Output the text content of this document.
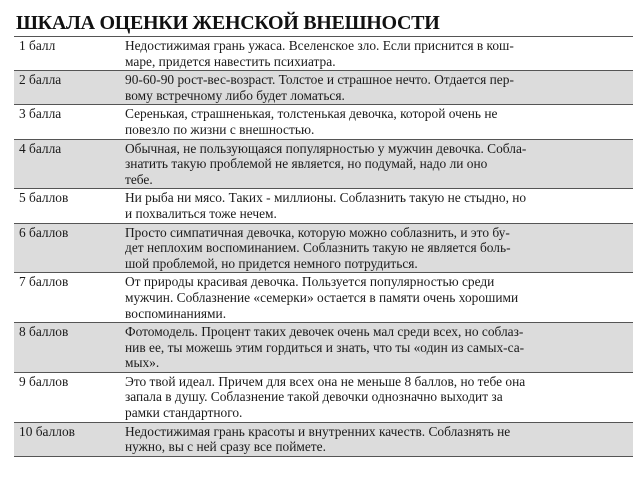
ШКАЛА ОЦЕНКИ ЖЕНСКОЙ ВНЕШНОСТИ
1 балл	Недостижимая грань ужаса. Вселенское зло. Если приснится в кош-
маре, придется навестить психиатра.

2 балла	90-60-90 рост-вес-возраст. Толстое и страшное нечто. Отдается пер-
вому встречному либо будет ломаться.

3 балла	Серенькая, страшненькая, толстенькая девочка, которой очень не
повезло по жизни с внешностью.

4 балла	Обычная, не пользующаяся популярностью у мужчин девочка. Собла-
знатить такую проблемой не является, но подумай, надо ли оно
тебе.

5 баллов	Ни рыба ни мясо. Таких - миллионы. Соблазнить такую не стыдно, но
и похвалиться тоже нечем.

6 баллов	Просто симпатичная девочка, которую можно соблазнить, и это бу-
дет неплохим воспоминанием. Соблазнить такую не является боль-
шой проблемой, но придется немного потрудиться.

7 баллов	От природы красивая девочка. Пользуется популярностью среди
мужчин. Соблазнение «семерки» остается в памяти очень хорошими
воспоминаниями.

8 баллов	Фотомодель. Процент таких девочек очень мал среди всех, но соблаз-
нив ее, ты можешь этим гордиться и знать, что ты «один из самых-са-
мых».

9 баллов	Это твой идеал. Причем для всех она не меньше 8 баллов, но тебе она
запала в душу. Соблазнение такой девочки однозначно выходит за
рамки стандартного.

10 баллов	Недостижимая грань красоты и внутренних качеств. Соблазнять не
нужно, вы с ней сразу все поймете.
